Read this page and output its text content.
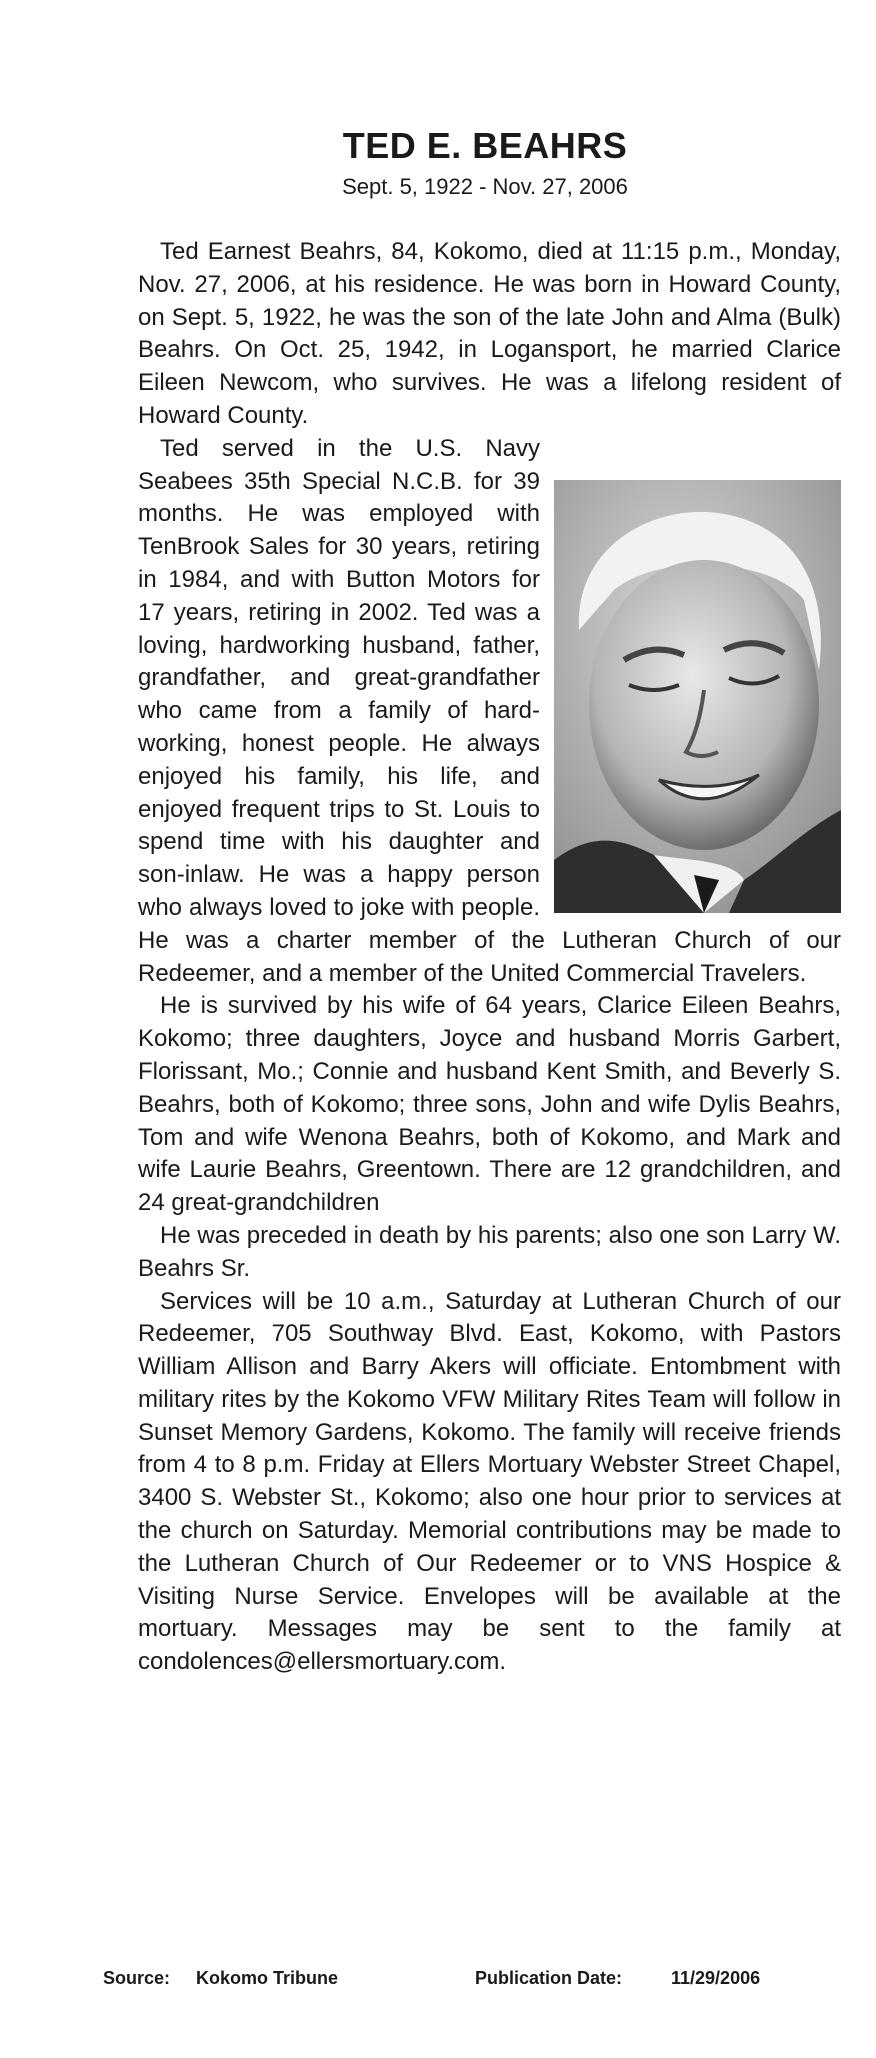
TED E. BEAHRS
Sept. 5, 1922 - Nov. 27, 2006

Ted Earnest Beahrs, 84, Kokomo, died at 11:15 p.m., Monday, Nov. 27, 2006, at his residence. He was born in Howard County, on Sept. 5, 1922, he was the son of the late John and Alma (Bulk) Beahrs. On Oct. 25, 1942, in Logansport, he married Clarice Eileen Newcom, who survives. He was a lifelong resident of Howard County.

Ted served in the U.S. Navy Seabees 35th Special N.C.B. for 39 months. He was employed with TenBrook Sales for 30 years, retiring in 1984, and with Button Motors for 17 years, retiring in 2002. Ted was a loving, hardworking husband, father, grandfather, and great-grandfather who came from a family of hard-working, honest people. He always enjoyed his family, his life, and enjoyed frequent trips to St. Louis to spend time with his daughter and son-inlaw. He was a happy person who always loved to joke with people. He was a charter member of the Lutheran Church of our Redeemer, and a member of the United Commercial Travelers.

He is survived by his wife of 64 years, Clarice Eileen Beahrs, Kokomo; three daughters, Joyce and husband Morris Garbert, Florissant, Mo.; Connie and husband Kent Smith, and Beverly S. Beahrs, both of Kokomo; three sons, John and wife Dylis Beahrs, Tom and wife Wenona Beahrs, both of Kokomo, and Mark and wife Laurie Beahrs, Greentown. There are 12 grandchildren, and 24 great-grandchildren

He was preceded in death by his parents; also one son Larry W. Beahrs Sr.

Services will be 10 a.m., Saturday at Lutheran Church of our Redeemer, 705 Southway Blvd. East, Kokomo, with Pastors William Allison and Barry Akers will officiate. Entombment with military rites by the Kokomo VFW Military Rites Team will follow in Sunset Memory Gardens, Kokomo. The family will receive friends from 4 to 8 p.m. Friday at Ellers Mortuary Webster Street Chapel, 3400 S. Webster St., Kokomo; also one hour prior to services at the church on Saturday. Memorial contributions may be made to the Lutheran Church of Our Redeemer or to VNS Hospice & Visiting Nurse Service. Envelopes will be available at the mortuary. Messages may be sent to the family at condolences@ellersmortuary.com.

Source: Kokomo Tribune	Publication Date:	11/29/2006
